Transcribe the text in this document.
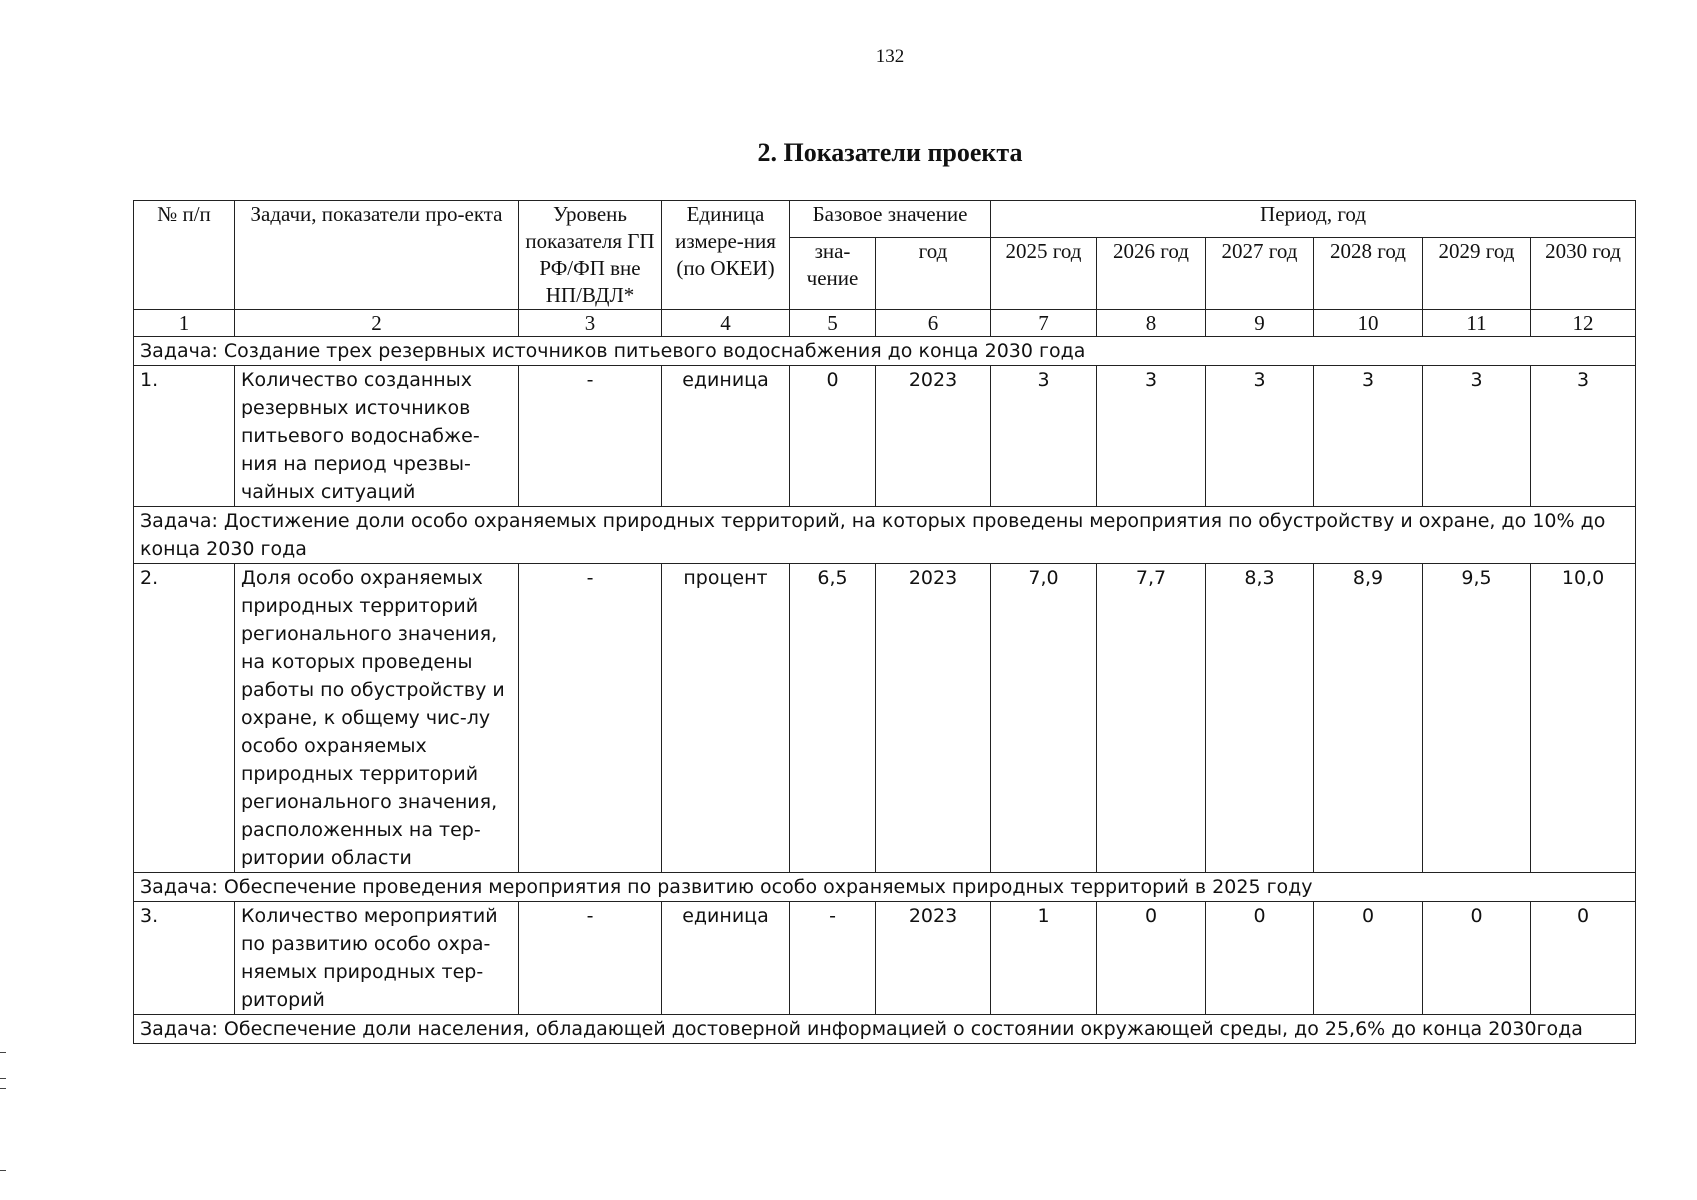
132
2. Показатели проекта
№ п/п	Задачи, показатели про-екта	Уровень показателя ГП РФ/ФП вне НП/ВДЛ*	Единица измере-ния (по ОКЕИ)	Базовое значение		Период, год					
				зна-чение	год	2025 год	2026 год	2027 год	2028 год	2029 год	2030 год
1	2	3	4	5	6	7	8	9	10	11	12
Задача: Создание трех резервных источников питьевого водоснабжения до конца 2030 года											
1.	Количество созданных резервных источников питьевого водоснабже-ния на период чрезвы-чайных ситуаций	-	единица	0	2023	3	3	3	3	3	3
Задача: Достижение доли особо охраняемых природных территорий, на которых проведены мероприятия по обустройству и охране, до 10% до конца 2030 года											
2.	Доля особо охраняемых природных территорий регионального значения, на которых проведены работы по обустройству и охране, к общему чис-лу особо охраняемых природных территорий регионального значения, расположенных на тер-ритории области	-	процент	6,5	2023	7,0	7,7	8,3	8,9	9,5	10,0
Задача: Обеспечение проведения мероприятия по развитию особо охраняемых природных территорий в 2025 году											
3.	Количество мероприятий по развитию особо охра-няемых природных тер-риторий	-	единица	-	2023	1	0	0	0	0	0
Задача: Обеспечение доли населения, обладающей достоверной информацией о состоянии окружающей среды, до 25,6% до конца 2030года											
